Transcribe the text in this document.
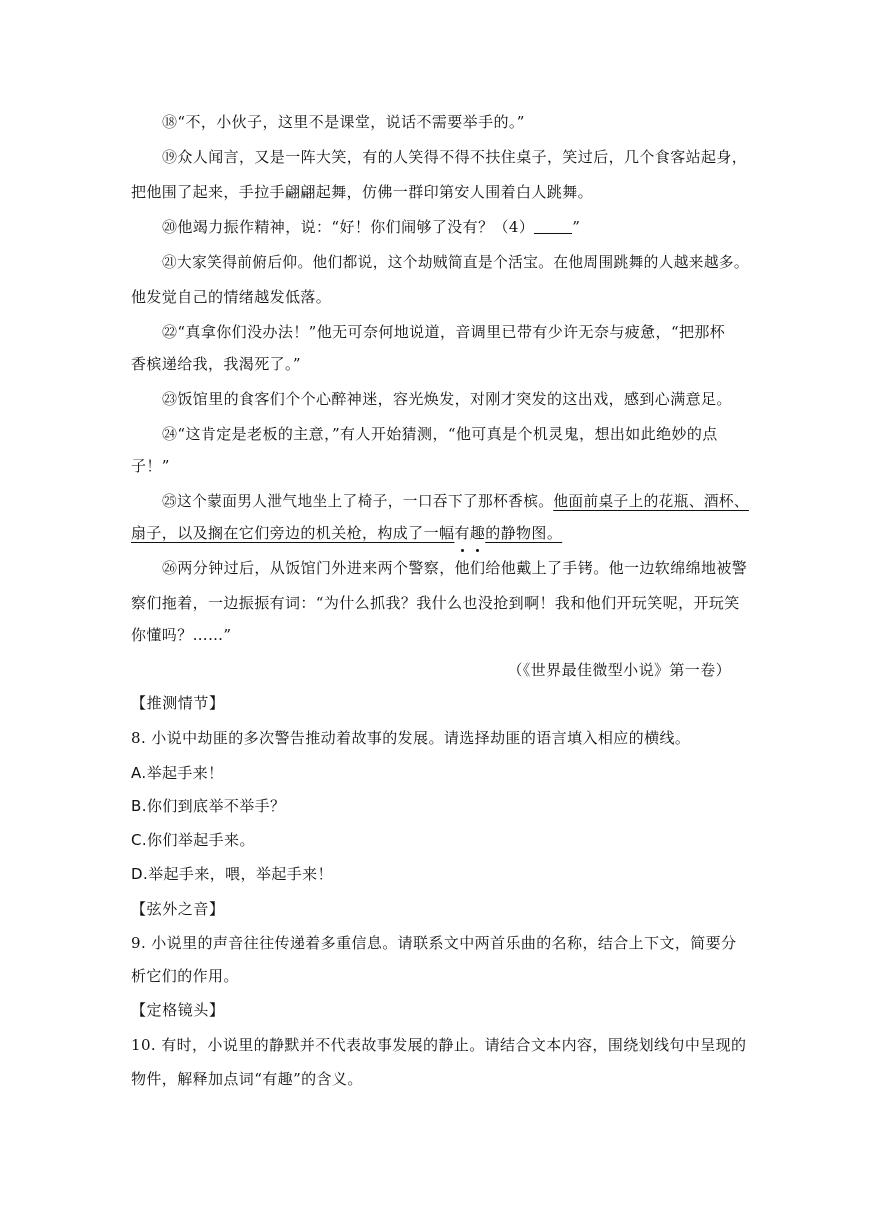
⑱“不，小伙子，这里不是课堂，说话不需要举手的。”
⑲众人闻言，又是一阵大笑，有的人笑得不得不扶住桌子，笑过后，几个食客站起身，
把他围了起来，手拉手翩翩起舞，仿佛一群印第安人围着白人跳舞。
⑳他竭力振作精神，说：“好！你们闹够了没有？（4）	”
㉑大家笑得前俯后仰。他们都说，这个劫贼简直是个活宝。在他周围跳舞的人越来越多。
他发觉自己的情绪越发低落。
㉒“真拿你们没办法！”他无可奈何地说道，音调里已带有少许无奈与疲惫，“把那杯
香槟递给我，我渴死了。”
㉓饭馆里的食客们个个心醉神迷，容光焕发，对刚才突发的这出戏，感到心满意足。
㉔“这肯定是老板的主意，”有人开始猜测，“他可真是个机灵鬼，想出如此绝妙的点
子！”
㉕这个蒙面男人泄气地坐上了椅子，一口吞下了那杯香槟。他面前桌子上的花瓶、酒杯、
扇子，以及搁在它们旁边的机关枪，构成了一幅有趣的静物图。
㉖两分钟过后，从饭馆门外进来两个警察，他们给他戴上了手铐。他一边软绵绵地被警
察们拖着，一边振振有词：“为什么抓我？我什么也没抢到啊！我和他们开玩笑呢，开玩笑
你懂吗？……”
（《世界最佳微型小说》第一卷）
【推测情节】
8. 小说中劫匪的多次警告推动着故事的发展。请选择劫匪的语言填入相应的横线。
A.举起手来！
B.你们到底举不举手？
C.你们举起手来。
D.举起手来，喂，举起手来！
【弦外之音】
9. 小说里的声音往往传递着多重信息。请联系文中两首乐曲的名称，结合上下文，简要分
析它们的作用。
【定格镜头】
10. 有时，小说里的静默并不代表故事发展的静止。请结合文本内容，围绕划线句中呈现的
物件，解释加点词“有趣”的含义。
